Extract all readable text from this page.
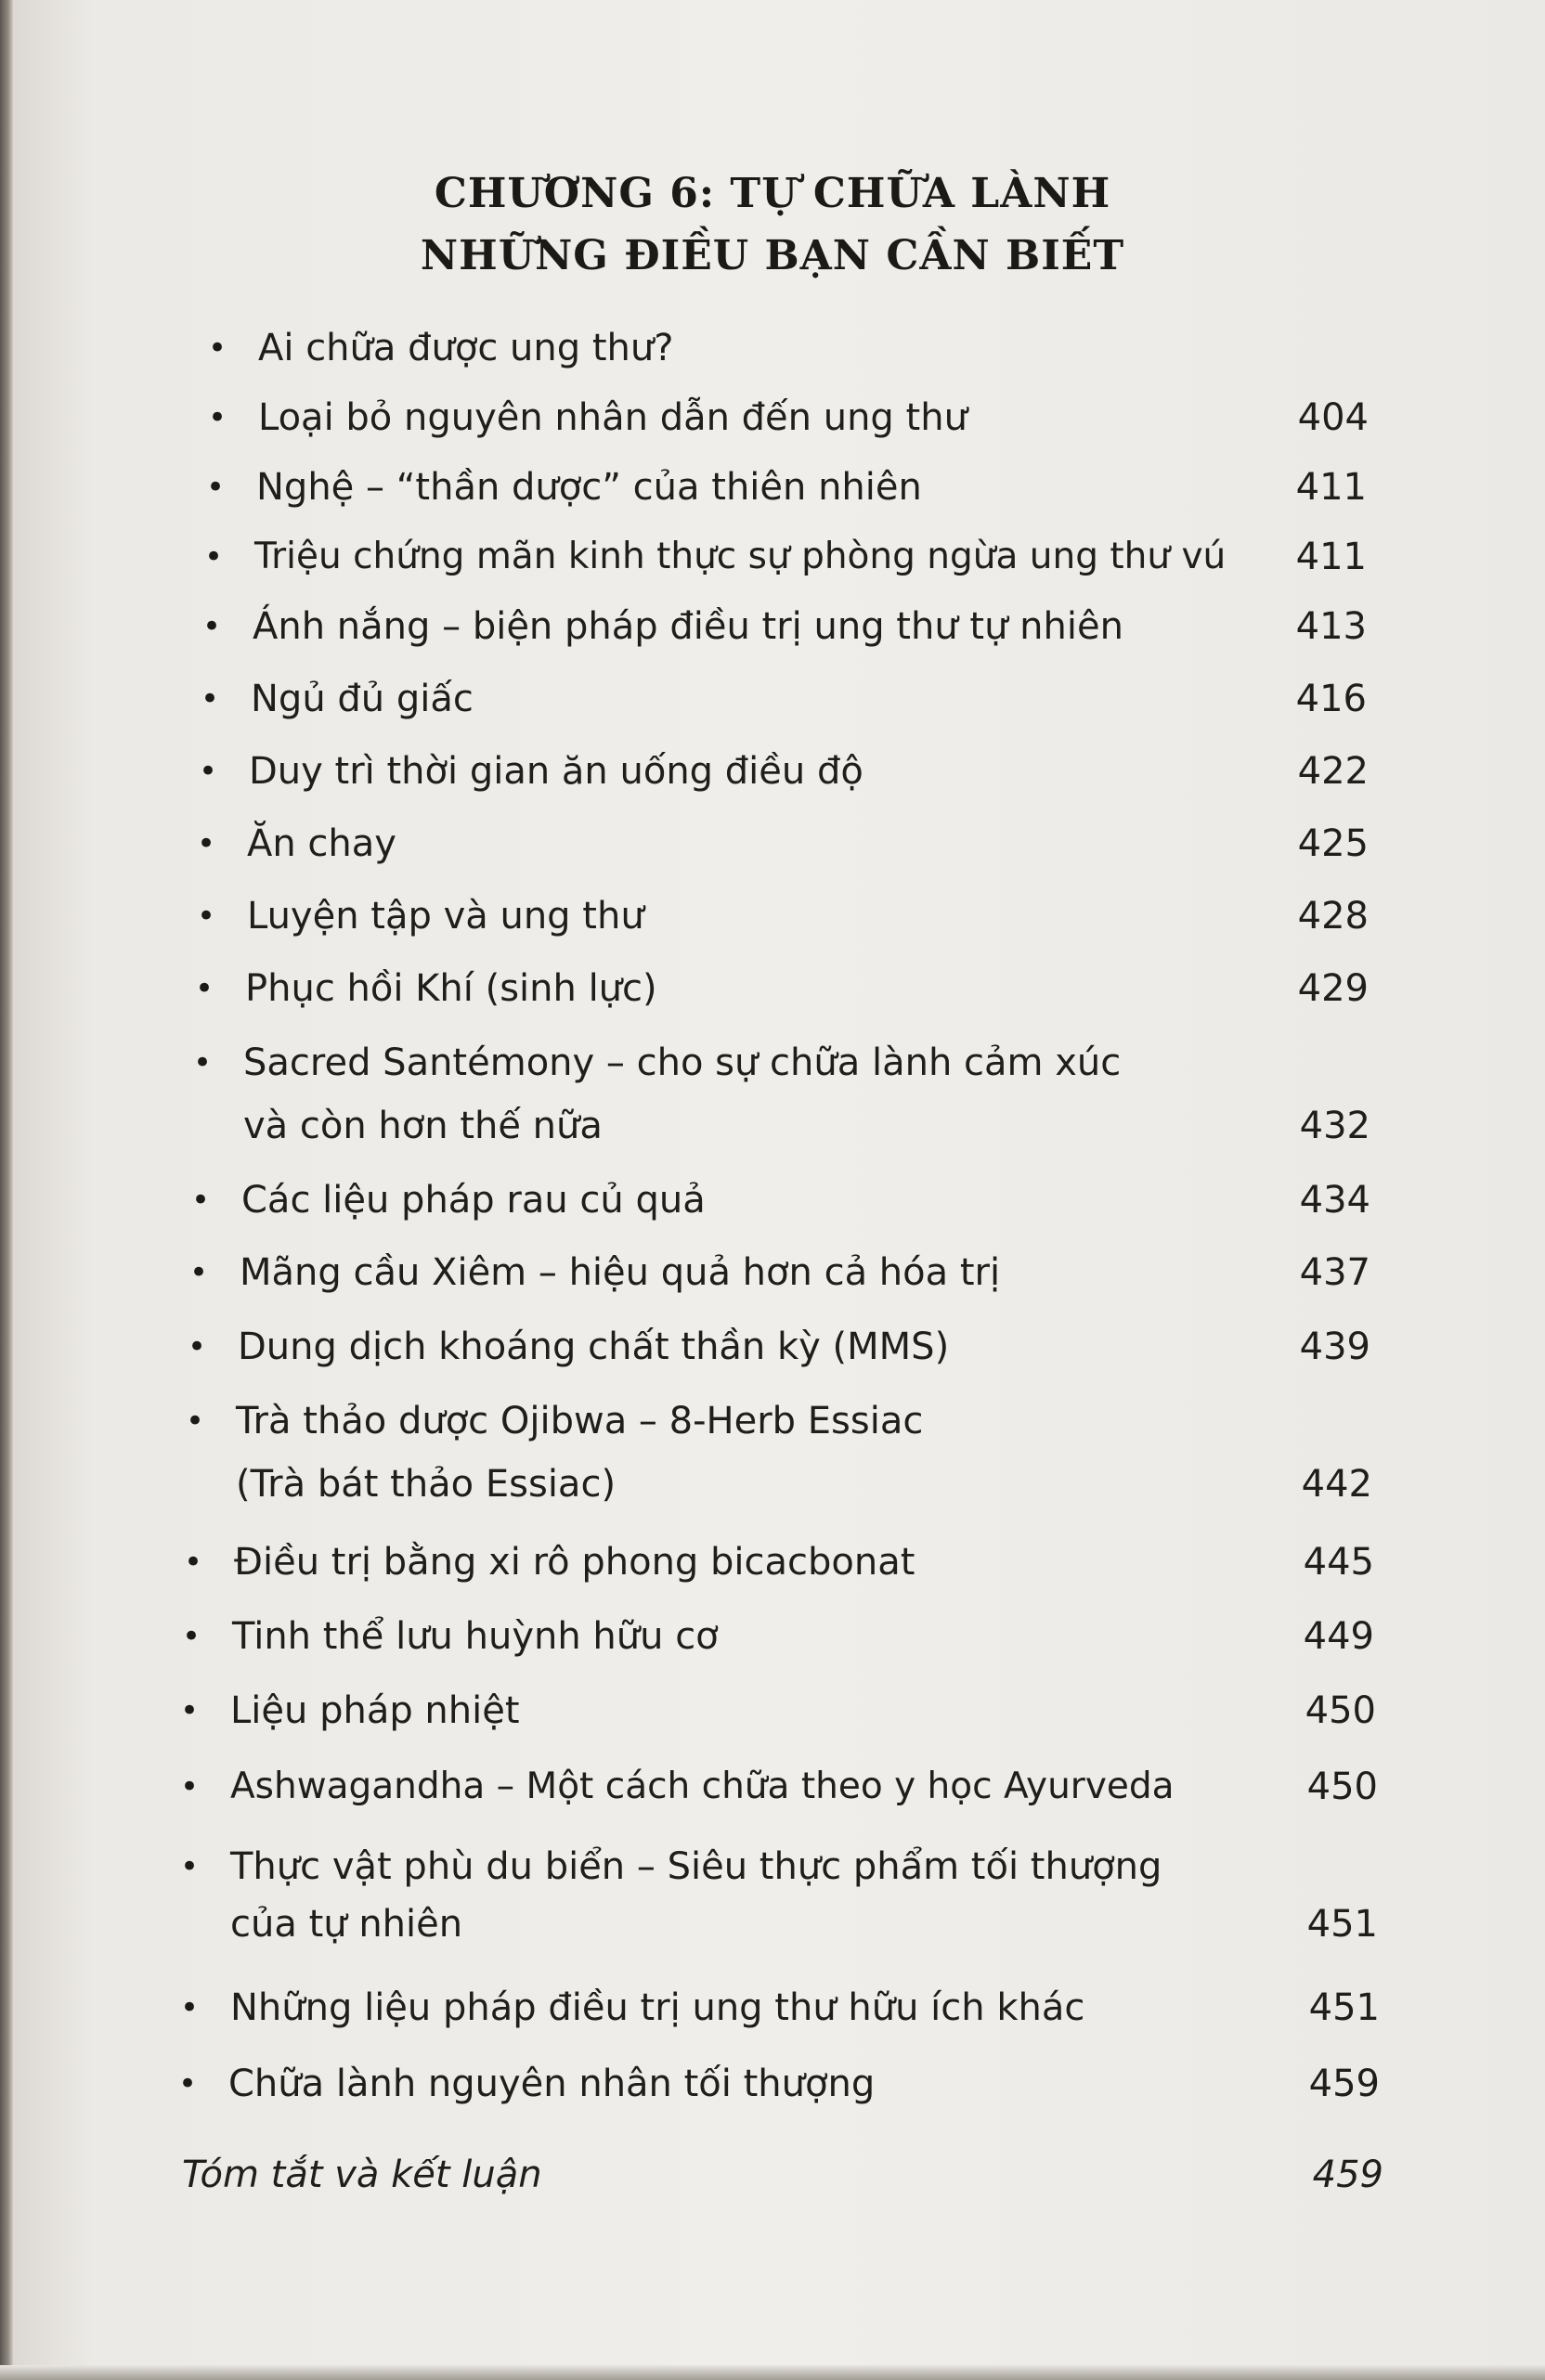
CHƯƠNG 6: TỰ CHỮA LÀNH
NHỮNG ĐIỀU BẠN CẦN BIẾT
• Ai chữa được ung thư?
• Loại bỏ nguyên nhân dẫn đến ung thư	404
• Nghệ – “thần dược” của thiên nhiên	411
• Triệu chứng mãn kinh thực sự phòng ngừa ung thư vú	411
• Ánh nắng – biện pháp điều trị ung thư tự nhiên	413
• Ngủ đủ giấc	416
• Duy trì thời gian ăn uống điều độ	422
• Ăn chay	425
• Luyện tập và ung thư	428
• Phục hồi Khí (sinh lực)	429
• Sacred Santémony – cho sự chữa lành cảm xúc
và còn hơn thế nữa	432
• Các liệu pháp rau củ quả	434
• Mãng cầu Xiêm – hiệu quả hơn cả hóa trị	437
• Dung dịch khoáng chất thần kỳ (MMS)	439
• Trà thảo dược Ojibwa – 8-Herb Essiac
(Trà bát thảo Essiac)	442
• Điều trị bằng xi rô phong bicacbonat	445
• Tinh thể lưu huỳnh hữu cơ	449
• Liệu pháp nhiệt	450
• Ashwagandha – Một cách chữa theo y học Ayurveda	450
• Thực vật phù du biển – Siêu thực phẩm tối thượng
của tự nhiên	451
• Những liệu pháp điều trị ung thư hữu ích khác	451
• Chữa lành nguyên nhân tối thượng	459
Tóm tắt và kết luận	459
